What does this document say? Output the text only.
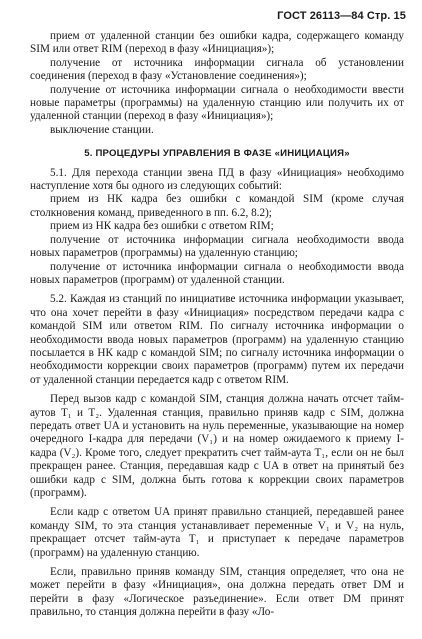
ГОСТ 26113—84 Стр. 15

прием от удаленной станции без ошибки кадра, содержащего команду SIM или ответ RIM (переход в фазу «Инициация»);

получение от источника информации сигнала об установлении соединения (переход в фазу «Установление соединения»);

получение от источника информации сигнала о необходимости ввести новые параметры (программы) на удаленную станцию или получить их от удаленной станции (переход в фазу «Инициация»);

выключение станции.

5. ПРОЦЕДУРЫ УПРАВЛЕНИЯ В ФАЗЕ «ИНИЦИАЦИЯ»

5.1. Для перехода станции звена ПД в фазу «Инициация» необходимо наступление хотя бы одного из следующих событий:

прием из НК кадра без ошибки с командой SIM (кроме случая столкновения команд, приведенного в пп. 6.2, 8.2);

прием из НК кадра без ошибки с ответом RIM;

получение от источника информации сигнала необходимости ввода новых параметров (программы) на удаленную станцию;

получение от источника информации сигнала о необходимости ввода новых параметров (программ) от удаленной станции.

5.2. Каждая из станций по инициативе источника информации указывает, что она хочет перейти в фазу «Инициация» посредством передачи кадра с командой SIM или ответом RIM. По сигналу источника информации о необходимости ввода новых параметров (программ) на удаленную станцию посылается в НК кадр с командой SIM; по сигналу источника информации о необходимости коррекции своих параметров (программ) путем их передачи от удаленной станции передается кадр с ответом RIM.

Перед вызов кадр с командой SIM, станция должна начать отсчет тайм-аутов T₁ и T₂. Удаленная станция, правильно приняв кадр с SIM, должна передать ответ UA и установить на нуль переменные, указывающие на номер очередного I-кадра для передачи (V₁) и на номер ожидаемого к приему I-кадра (V₂). Кроме того, следует прекратить счет тайм-аута T₁, если он не был прекращен ранее. Станция, передавшая кадр с UA в ответ на принятый без ошибки кадр с SIM, должна быть готова к коррекции своих параметров (программ).

Если кадр с ответом UA принят правильно станцией, передавшей ранее команду SIM, то эта станция устанавливает переменные V₁ и V₂ на нуль, прекращает отсчет тайм-аута T₁ и приступает к передаче параметров (программ) на удаленную станцию.

Если, правильно приняв команду SIM, станция определяет, что она не может перейти в фазу «Инициация», она должна передать ответ DM и перейти в фазу «Логическое разъединение». Если ответ DM принят правильно, то станция должна перейти в фазу «Ло-
